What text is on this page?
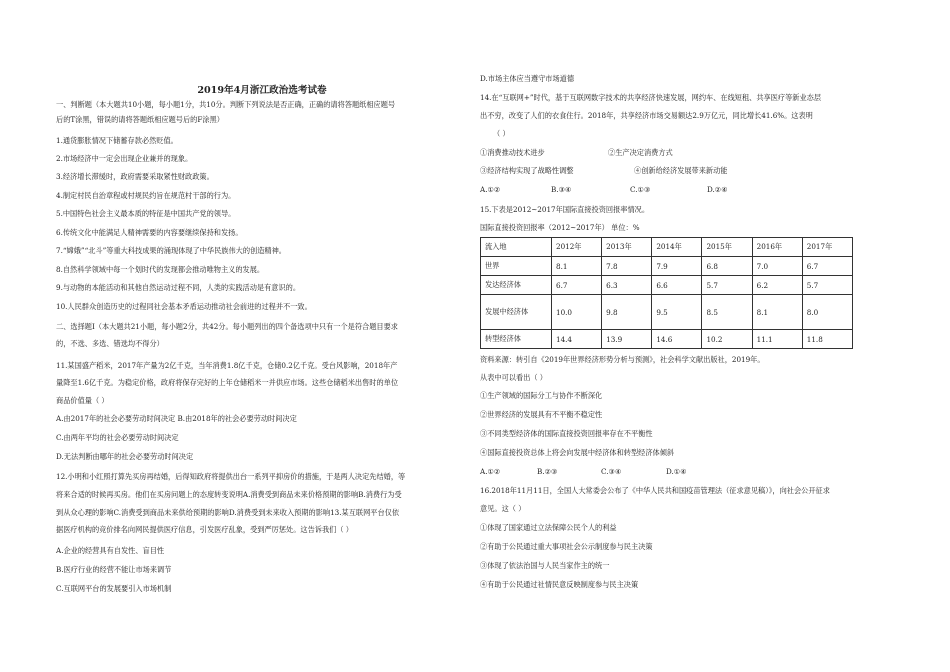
2019年4月浙江政治选考试卷
一、判断题（本大题共10小题，每小题1分，共10分。判断下列说法是否正确，正确的请将答题纸相应题号
后的T涂黑，错误的请将答题纸相应题号后的F涂黑）
1.通货膨胀情况下储蓄存款必然贬值。
2.市场经济中一定会出现企业兼并的现象。
3.经济增长滞缓时，政府需要采取紧性财政政策。
4.制定村民自治章程或村规民约旨在规范村干部的行为。
5.中国特色社会主义最本质的特征是中国共产党的领导。
6.传统文化中能满足人精神需要的内容要继续保持和发扬。
7.“嫦娥”“北斗”等重大科技成果的涌现体现了中华民族伟大的创造精神。
8.自然科学领域中每一个划时代的发现都会推动唯物主义的发展。
9.与动物的本能活动和其他自然运动过程不同，人类的实践活动是有意识的。
10.人民群众创造历史的过程同社会基本矛盾运动推动社会前进的过程并不一致。
二、选择题Ⅰ（本大题共21小题，每小题2分，共42分。每小题列出的四个备选项中只有一个是符合题目要求
的，不选、多选、错选均不得分）
11.某国盛产稻米，2017年产量为2亿千克，当年消费1.8亿千克，仓储0.2亿千克。受台风影响，2018年产
量降至1.6亿千克。为稳定价格，政府将保存完好的上年仓储稻米一并供应市场。这些仓储稻米出售时的单位
商品价值量（ ）
A.由2017年的社会必要劳动时间决定 B.由2018年的社会必要劳动时间决定
C.由两年平均的社会必要劳动时间决定
D.无法判断由哪年的社会必要劳动时间决定
12.小明和小红照打算先买房再结婚，后得知政府将提供出台一系列平抑房价的措施，于是两人决定先结婚，等
将来合适的时候再买房。他们在买房问题上的态度转变说明A.消费受到商品未来价格预期的影响B.消费行为受
到从众心理的影响C.消费受到商品未来供给预期的影响D.消费受到未来收入预期的影响13.某互联网平台仅依
据医疗机构的竞价排名向网民提供医疗信息，引发医疗乱象，受到严厉惩处。这告诉我们（ ）
A.企业的经营具有自发性、盲目性
B.医疗行业的经营不能让市场来调节
C.互联网平台的发展要引入市场机制
D.市场主体应当遵守市场道德
14.在“互联网+”时代，基于互联网数字技术的共享经济快速发展，网约车、在线短租、共享医疗等新业态层
出不穷，改变了人们的衣食住行。2018年，共享经济市场交易额达2.9万亿元，同比增长41.6%。这表明
（ ）
①消费推动技术进步	②生产决定消费方式
③经济结构实现了战略性调整	④创新给经济发展带来新动能
A.①②	B.③④	C.①③	D.②④
15.下表是2012~2017年国际直接投资回报率情况。
国际直接投资回报率（2012~2017年） 单位：%
流入地	2012年	2013年	2014年	2015年	2016年	2017年
世界	8.1	7.8	7.9	6.8	7.0	6.7
发达经济体	6.7	6.3	6.6	5.7	6.2	5.7
发展中经济体	10.0	9.8	9.5	8.5	8.1	8.0
转型经济体	14.4	13.9	14.6	10.2	11.1	11.8
资料来源：转引自《2019年世界经济形势分析与预测》，社会科学文献出版社，2019年。
从表中可以看出（ ）
①生产领域的国际分工与协作不断深化
②世界经济的发展具有不平衡不稳定性
③不同类型经济体的国际直接投资回报率存在不平衡性
④国际直接投资总体上将会向发展中经济体和转型经济体倾斜
A.①②	B.②③	C.③④	D.①④
16.2018年11月11日，全国人大常委会公布了《中华人民共和国疫苗管理法（征求意见稿）》，向社会公开征求
意见。这（ ）
①体现了国家通过立法保障公民个人的利益
②有助于公民通过重大事项社会公示制度参与民主决策
③体现了依法治国与人民当家作主的统一
④有助于公民通过社情民意反映制度参与民主决策
